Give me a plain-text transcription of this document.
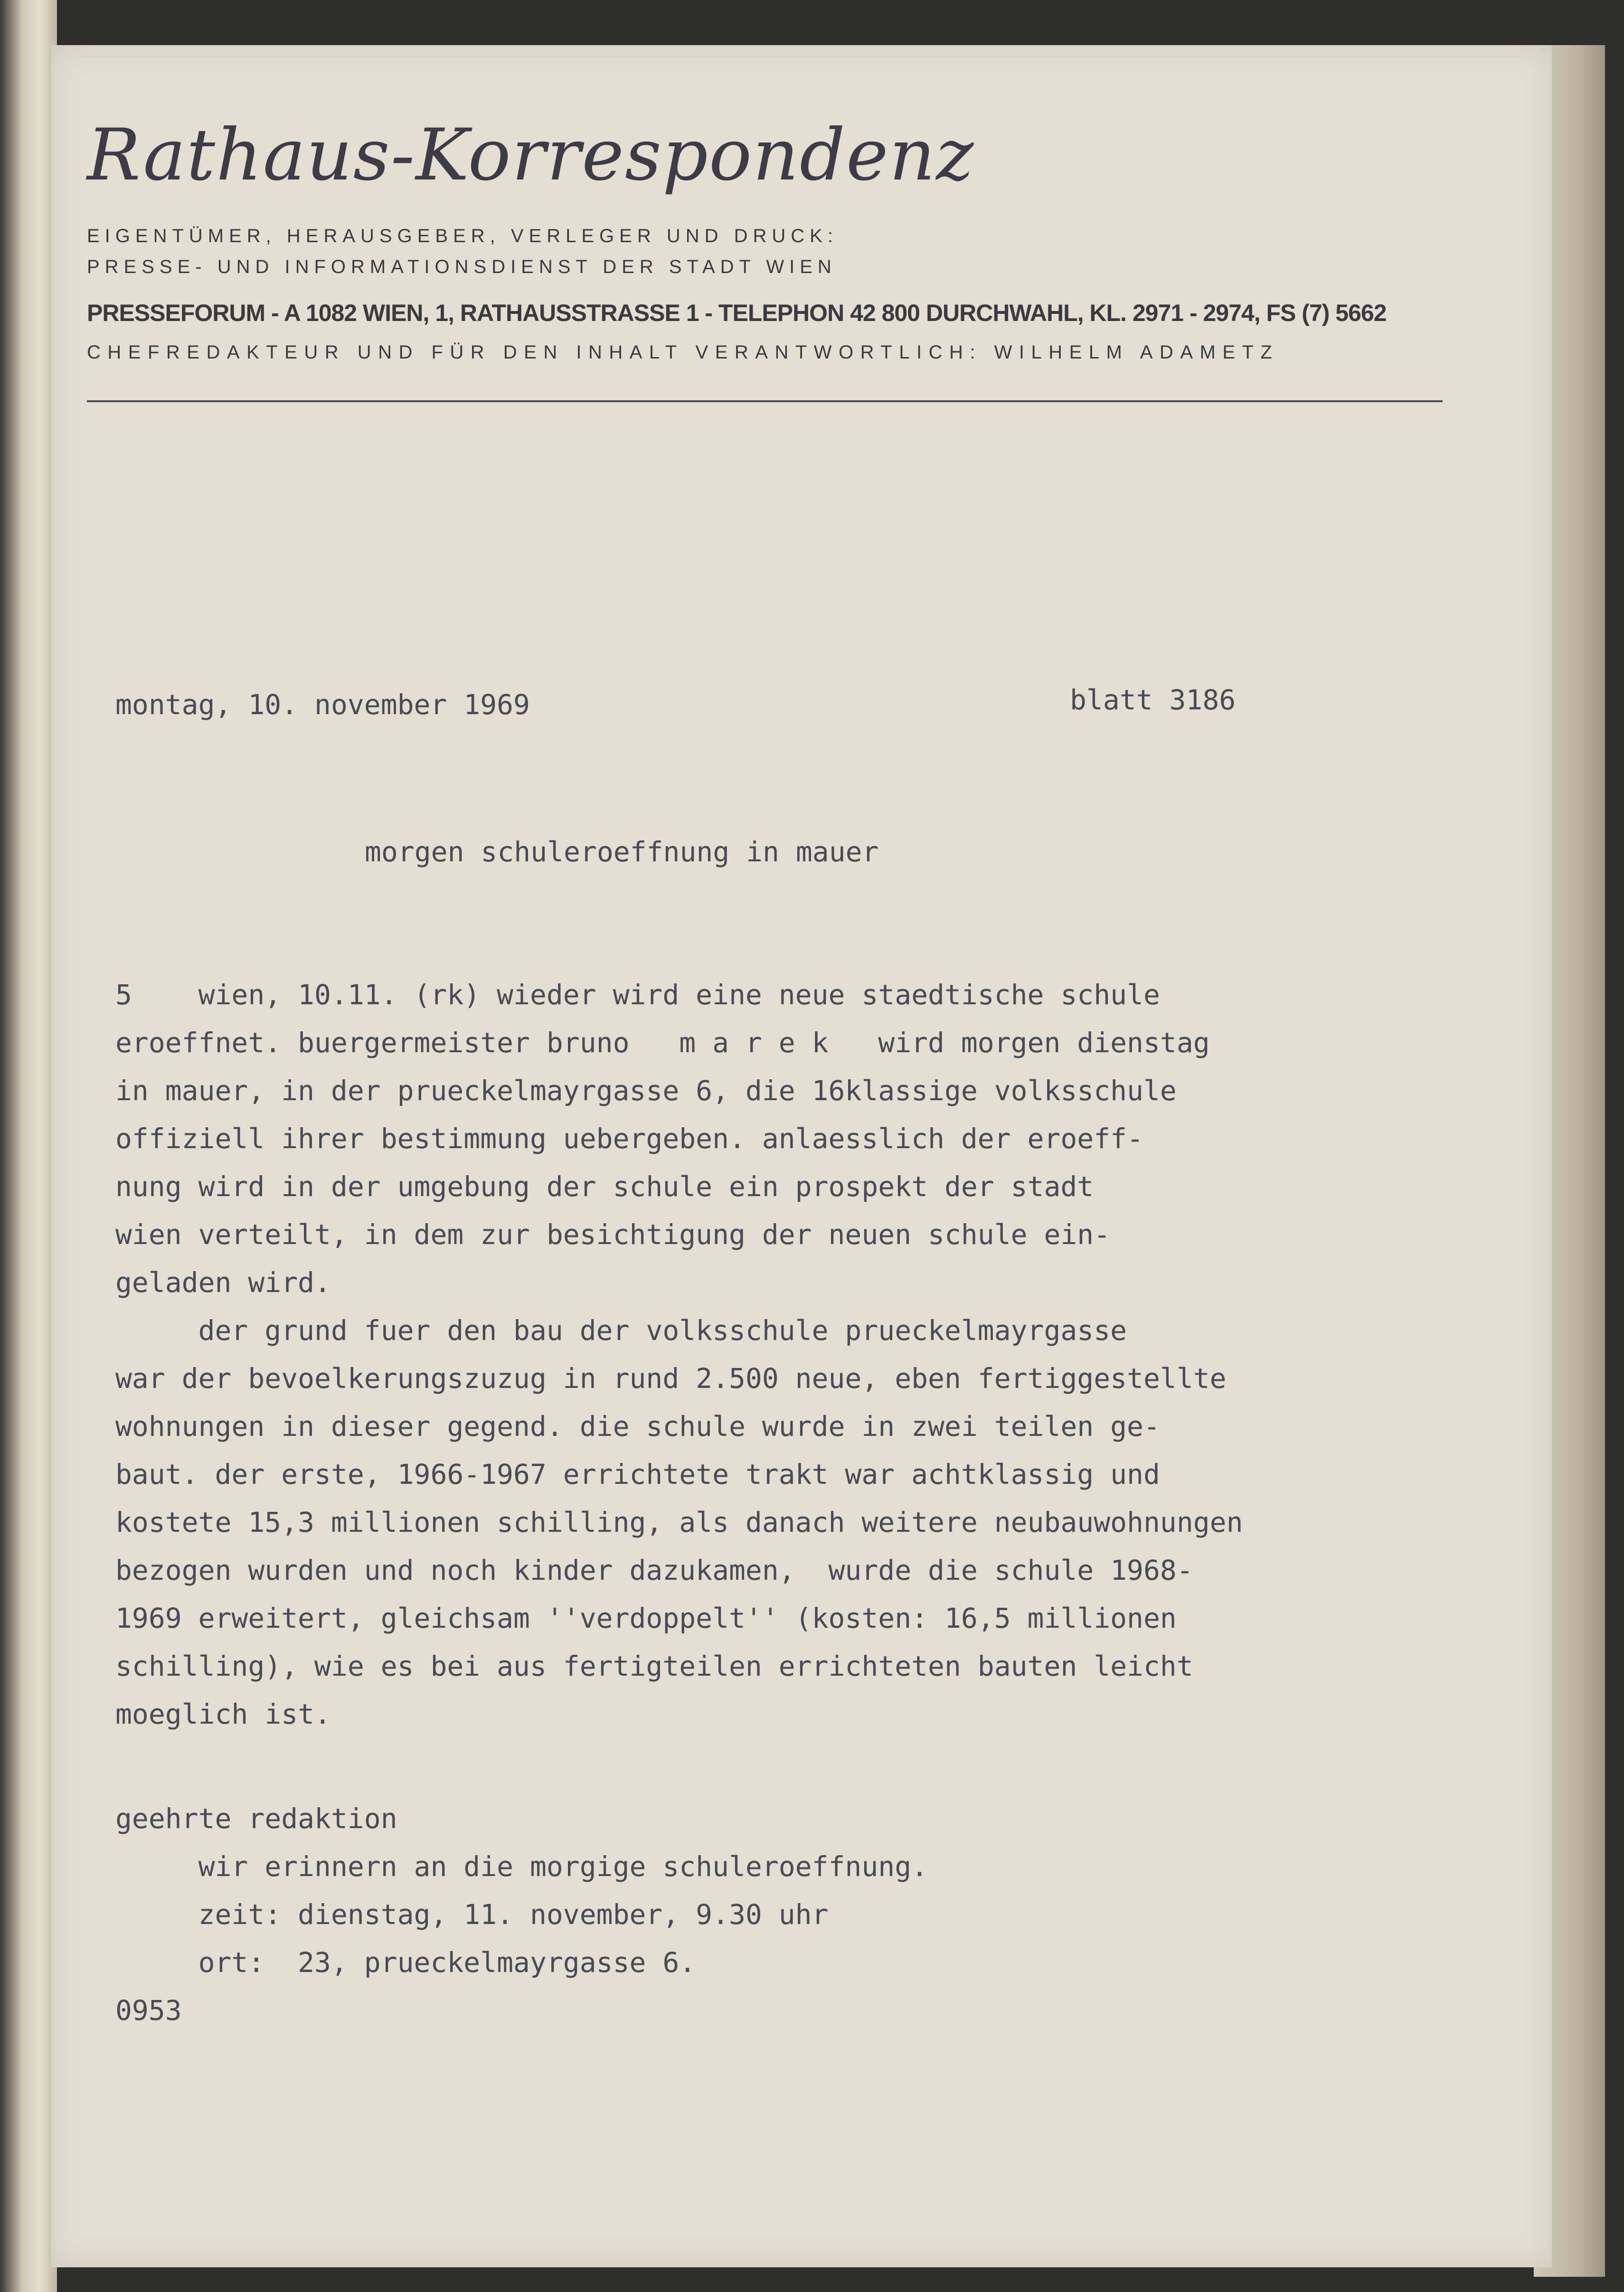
Rathaus-Korrespondenz
EIGENTÜMER, HERAUSGEBER, VERLEGER UND DRUCK:
PRESSE- UND INFORMATIONSDIENST DER STADT WIEN
PRESSEFORUM - A 1082 WIEN, 1, RATHAUSSTRASSE 1 - TELEPHON 42 800 DURCHWAHL, KL. 2971 - 2974, FS (7) 5662
CHEFREDAKTEUR UND FÜR DEN INHALT VERANTWORTLICH: WILHELM ADAMETZ
montag, 10. november 1969	blatt 3186
morgen schuleroeffnung in mauer
5    wien, 10.11. (rk) wieder wird eine neue staedtische schule
eroeffnet. buergermeister bruno   m a r e k   wird morgen dienstag
in mauer, in der prueckelmayrgasse 6, die 16klassige volksschule
offiziell ihrer bestimmung uebergeben. anlaesslich der eroeff-
nung wird in der umgebung der schule ein prospekt der stadt
wien verteilt, in dem zur besichtigung der neuen schule ein-
geladen wird.
der grund fuer den bau der volksschule prueckelmayrgasse
war der bevoelkerungszuzug in rund 2.500 neue, eben fertiggestellte
wohnungen in dieser gegend. die schule wurde in zwei teilen ge-
baut. der erste, 1966-1967 errichtete trakt war achtklassig und
kostete 15,3 millionen schilling, als danach weitere neubauwohnungen
bezogen wurden und noch kinder dazukamen,  wurde die schule 1968-
1969 erweitert, gleichsam ''verdoppelt'' (kosten: 16,5 millionen
schilling), wie es bei aus fertigteilen errichteten bauten leicht
moeglich ist.
geehrte redaktion
wir erinnern an die morgige schuleroeffnung.
zeit: dienstag, 11. november, 9.30 uhr
ort:  23, prueckelmayrgasse 6.
0953
